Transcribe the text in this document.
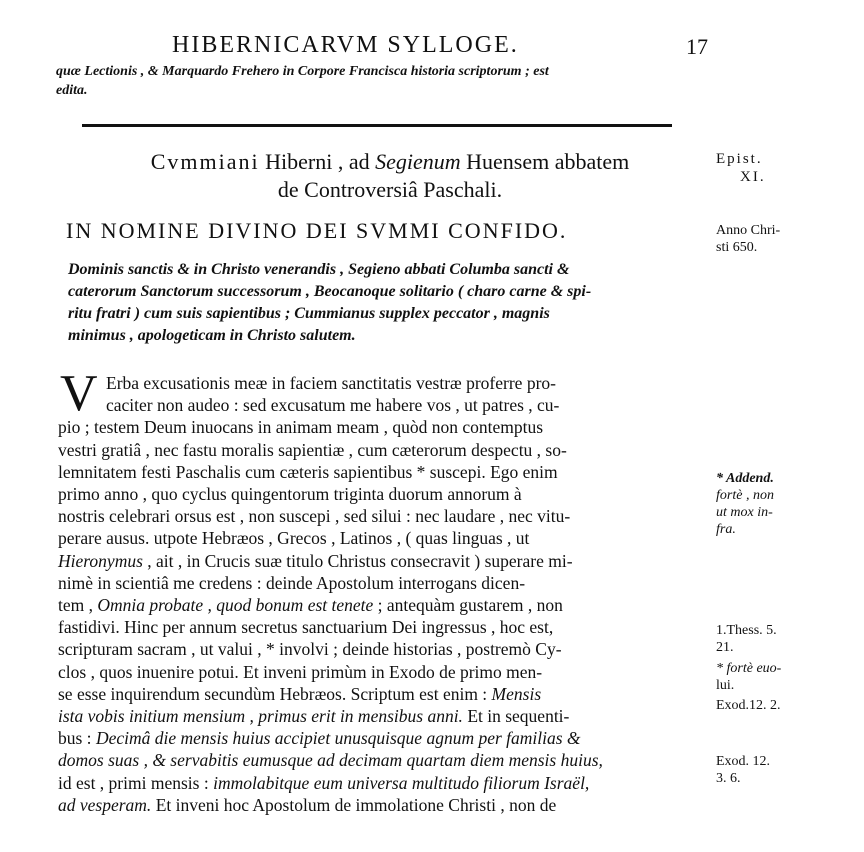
HIBERNICARVM SYLLOGE.	17
quæ Lectionis , & Marquardo Frehero in Corpore Francisca historia scriptorum ; est
edita.
Cvmmiani Hiberni , ad Segienum Huensem abbatem
de Controversiâ Paschali.
IN NOMINE DIVINO DEI SVMMI CONFIDO.
Dominis sanctis & in Christo venerandis , Segieno abbati Columba sancti &
caterorum Sanctorum successorum , Beocanoque solitario ( charo carne & spi-
ritu fratri ) cum suis sapientibus ; Cummianus supplex peccator , magnis
minimus , apologeticam in Christo salutem.
V Erba excusationis meæ in faciem sanctitatis vestræ proferre pro-
caciter non audeo : sed excusatum me habere vos , ut patres , cu-
pio ; testem Deum inuocans in animam meam , quòd non contemptus
vestri gratiâ , nec fastu moralis sapientiæ , cum cæterorum despectu , so-
lemnitatem festi Paschalis cum cæteris sapientibus * suscepi. Ego enim
primo anno , quo cyclus quingentorum triginta duorum annorum à
nostris celebrari orsus est , non suscepi , sed silui : nec laudare , nec vitu-
perare ausus. utpote Hebræos , Grecos , Latinos , ( quas linguas , ut
Hieronymus , ait , in Crucis suæ titulo Christus consecravit ) superare mi-
nimè in scientiâ me credens : deinde Apostolum interrogans dicen-
tem , Omnia probate , quod bonum est tenete ; antequàm gustarem , non
fastidivi. Hinc per annum secretus sanctuarium Dei ingressus , hoc est,
scripturam sacram , ut valui , * involvi ; deinde historias , postremò Cy-
clos , quos inuenire potui. Et inveni primùm in Exodo de primo men-
se esse inquirendum secundùm Hebræos. Scriptum est enim : Mensis
ista vobis initium mensium , primus erit in mensibus anni. Et in sequenti-
bus : Decimâ die mensis huius accipiet unusquisque agnum per familias &
domos suas , & servabitis eumusque ad decimam quartam diem mensis huius,
id est , primi mensis : immolabitque eum universa multitudo filiorum Israël,
ad vesperam. Et inveni hoc Apostolum de immolatione Christi , non de
Epist.
XI.
Anno Chri-
sti 650.
* Addend.
fortè , non
ut mox in-
fra.
1.Thess. 5.
21.
* fortè euo-
lui.
Exod.12. 2.
Exod. 12.
3. 6.
